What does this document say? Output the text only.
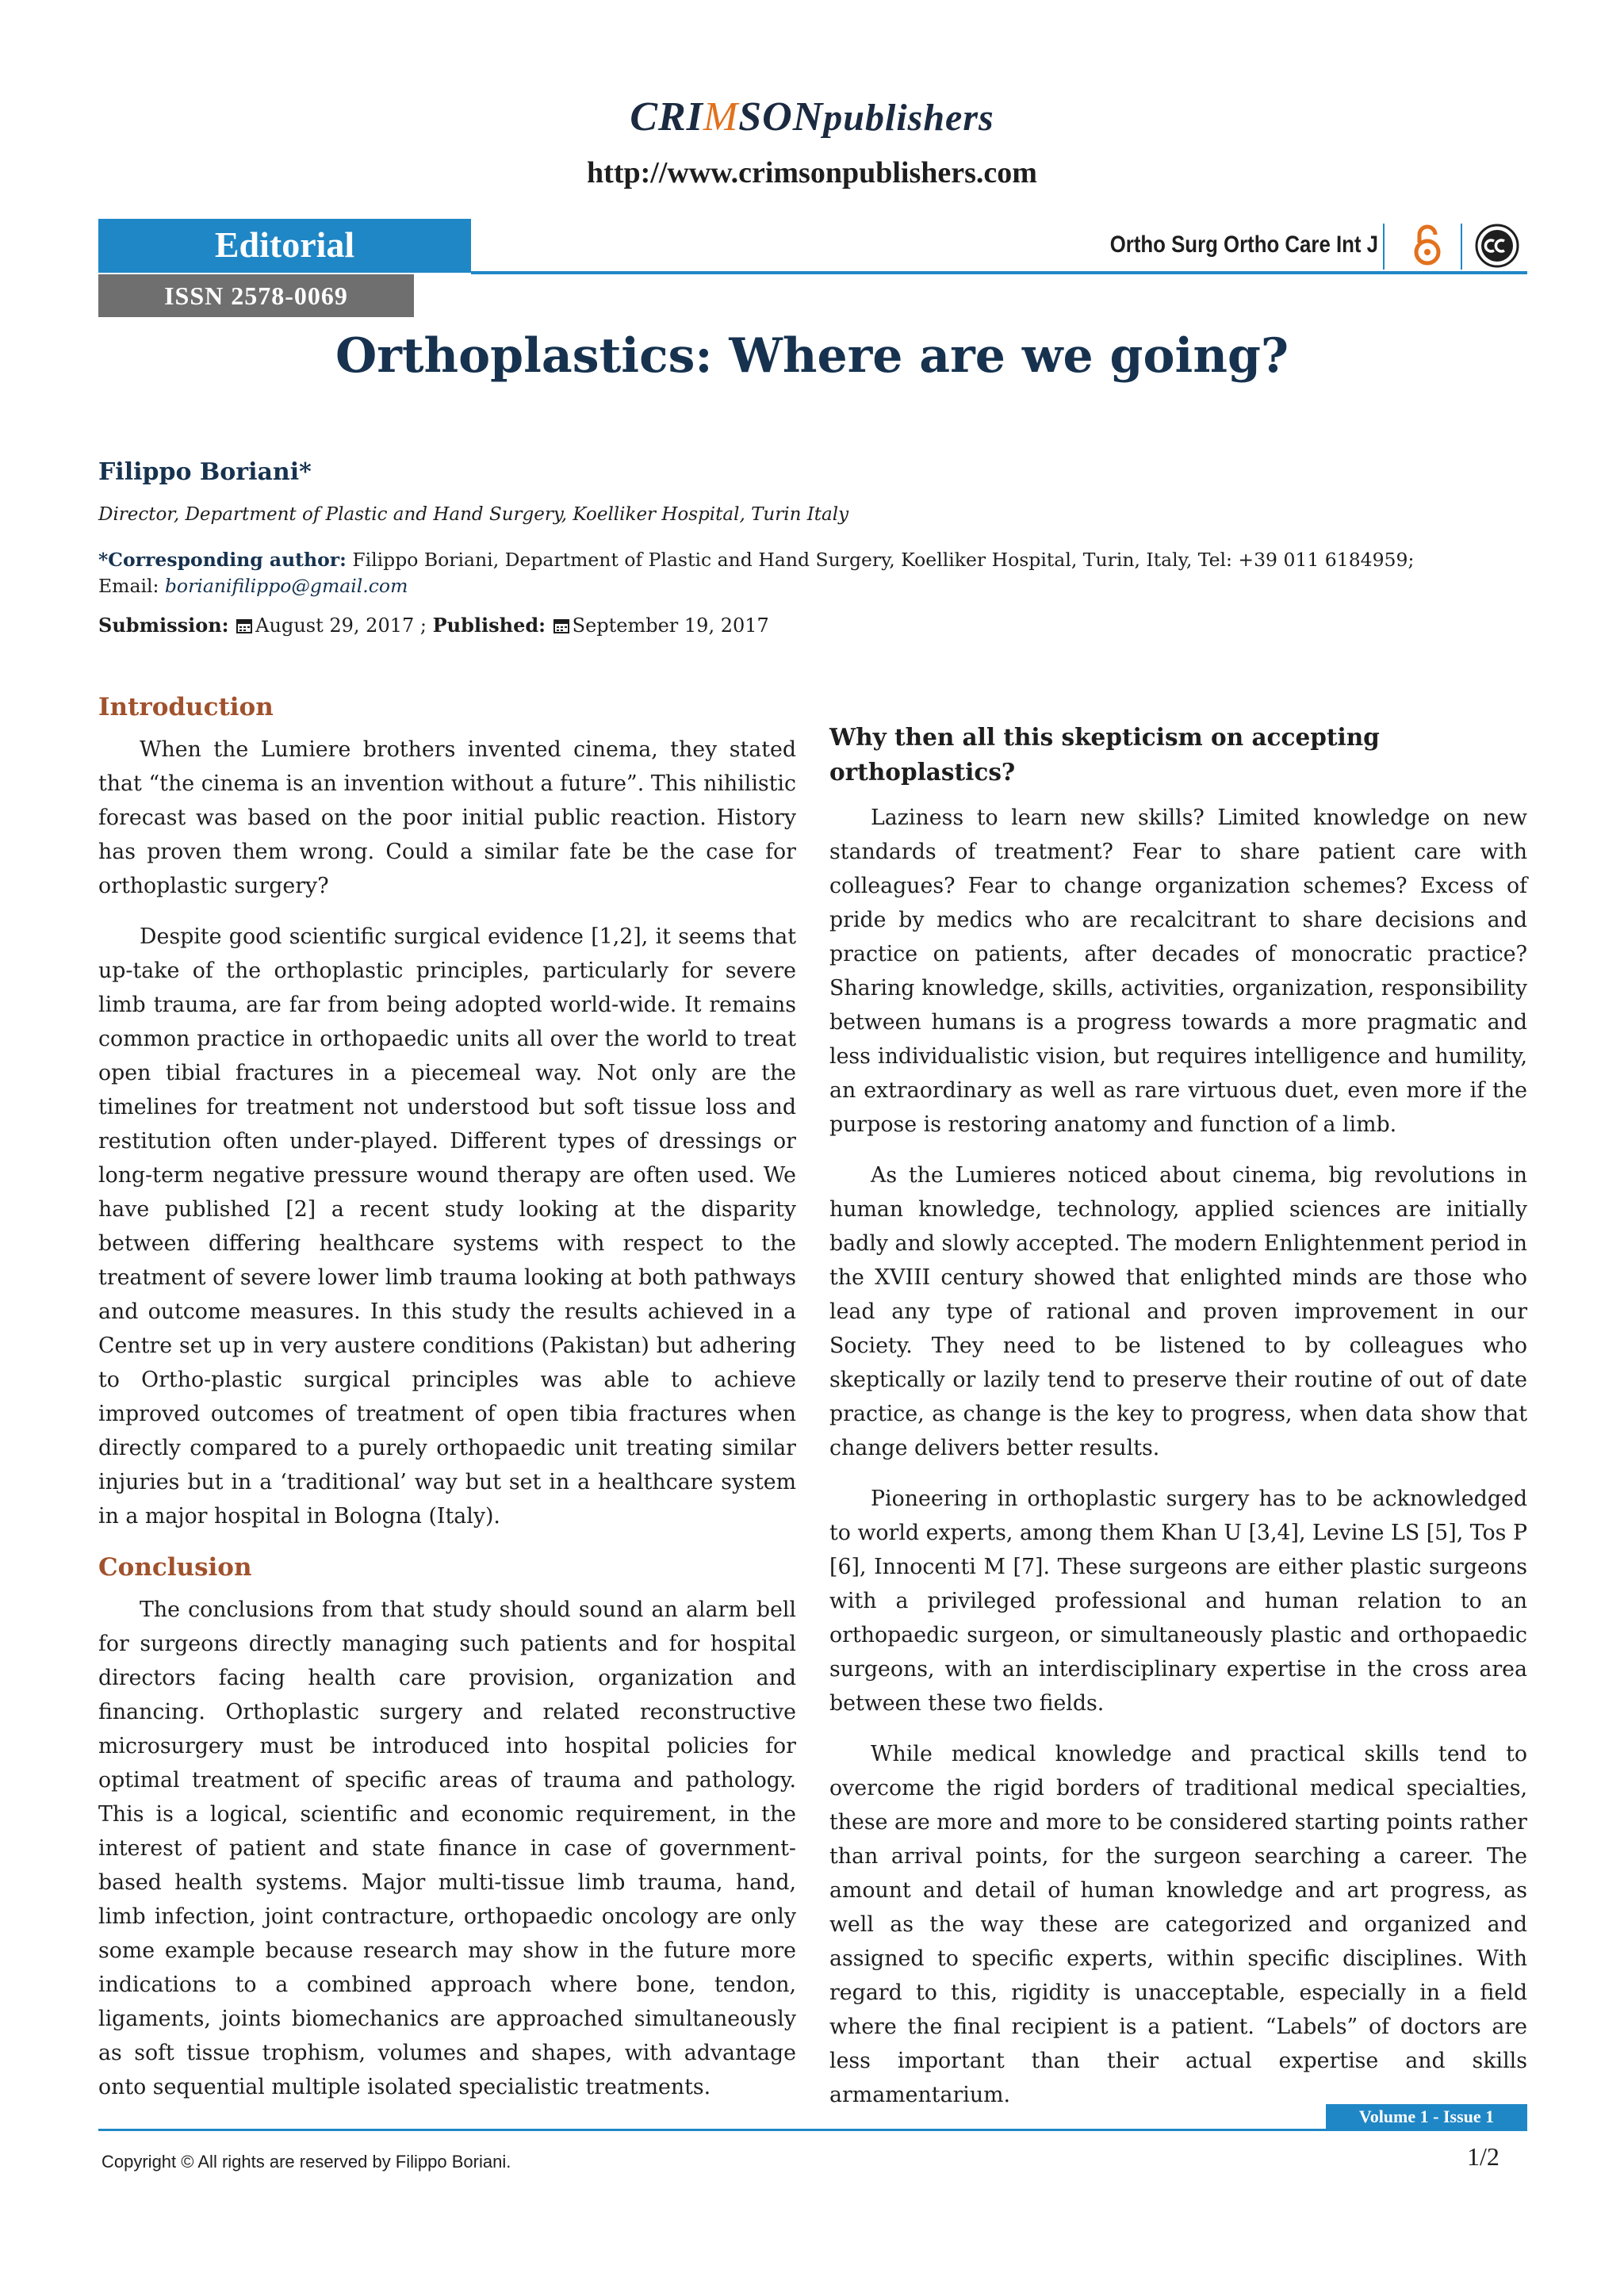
CRIMSONpublishers
http://www.crimsonpublishers.com
Editorial	Ortho Surg Ortho Care Int J
ISSN 2578-0069
Orthoplastics: Where are we going?
Filippo Boriani*
Director, Department of Plastic and Hand Surgery, Koelliker Hospital, Turin Italy
*Corresponding author: Filippo Boriani, Department of Plastic and Hand Surgery, Koelliker Hospital, Turin, Italy, Tel: +39 011 6184959;
Email: borianifilippo@gmail.com
Submission: August 29, 2017 ; Published: September 19, 2017
Introduction

When the Lumiere brothers invented cinema, they stated that “the cinema is an invention without a future”. This nihilistic forecast was based on the poor initial public reaction. History has proven them wrong. Could a similar fate be the case for orthoplastic surgery?

Despite good scientific surgical evidence [1,2], it seems that up-take of the orthoplastic principles, particularly for severe limb trauma, are far from being adopted world-wide. It remains common practice in orthopaedic units all over the world to treat open tibial fractures in a piecemeal way. Not only are the timelines for treatment not understood but soft tissue loss and restitution often under-played. Different types of dressings or long-term negative pressure wound therapy are often used. We have published [2] a recent study looking at the disparity between differing healthcare systems with respect to the treatment of severe lower limb trauma looking at both pathways and outcome measures. In this study the results achieved in a Centre set up in very austere conditions (Pakistan) but adhering to Ortho-plastic surgical principles was able to achieve improved outcomes of treatment of open tibia fractures when directly compared to a purely orthopaedic unit treating similar injuries but in a ‘traditional’ way but set in a healthcare system in a major hospital in Bologna (Italy).

Conclusion

The conclusions from that study should sound an alarm bell for surgeons directly managing such patients and for hospital directors facing health care provision, organization and financing. Orthoplastic surgery and related reconstructive microsurgery must be introduced into hospital policies for optimal treatment of specific areas of trauma and pathology. This is a logical, scientific and economic requirement, in the interest of patient and state finance in case of government-based health systems. Major multi-tissue limb trauma, hand, limb infection, joint contracture, orthopaedic oncology are only some example because research may show in the future more indications to a combined approach where bone, tendon, ligaments, joints biomechanics are approached simultaneously as soft tissue trophism, volumes and shapes, with advantage onto sequential multiple isolated specialistic treatments.

Why then all this skepticism on accepting orthoplastics?

Laziness to learn new skills? Limited knowledge on new standards of treatment? Fear to share patient care with colleagues? Fear to change organization schemes? Excess of pride by medics who are recalcitrant to share decisions and practice on patients, after decades of monocratic practice? Sharing knowledge, skills, activities, organization, responsibility between humans is a progress towards a more pragmatic and less individualistic vision, but requires intelligence and humility, an extraordinary as well as rare virtuous duet, even more if the purpose is restoring anatomy and function of a limb.

As the Lumieres noticed about cinema, big revolutions in human knowledge, technology, applied sciences are initially badly and slowly accepted. The modern Enlightenment period in the XVIII century showed that enlighted minds are those who lead any type of rational and proven improvement in our Society. They need to be listened to by colleagues who skeptically or lazily tend to preserve their routine of out of date practice, as change is the key to progress, when data show that change delivers better results.

Pioneering in orthoplastic surgery has to be acknowledged to world experts, among them Khan U [3,4], Levine LS [5], Tos P [6], Innocenti M [7]. These surgeons are either plastic surgeons with a privileged professional and human relation to an orthopaedic surgeon, or simultaneously plastic and orthopaedic surgeons, with an interdisciplinary expertise in the cross area between these two fields.

While medical knowledge and practical skills tend to overcome the rigid borders of traditional medical specialties, these are more and more to be considered starting points rather than arrival points, for the surgeon searching a career. The amount and detail of human knowledge and art progress, as well as the way these are categorized and organized and assigned to specific experts, within specific disciplines. With regard to this, rigidity is unacceptable, especially in a field where the final recipient is a patient. “Labels” of doctors are less important than their actual expertise and skills armamentarium.

Volume 1 - Issue 1
Copyright © All rights are reserved by Filippo Boriani.	1/2
